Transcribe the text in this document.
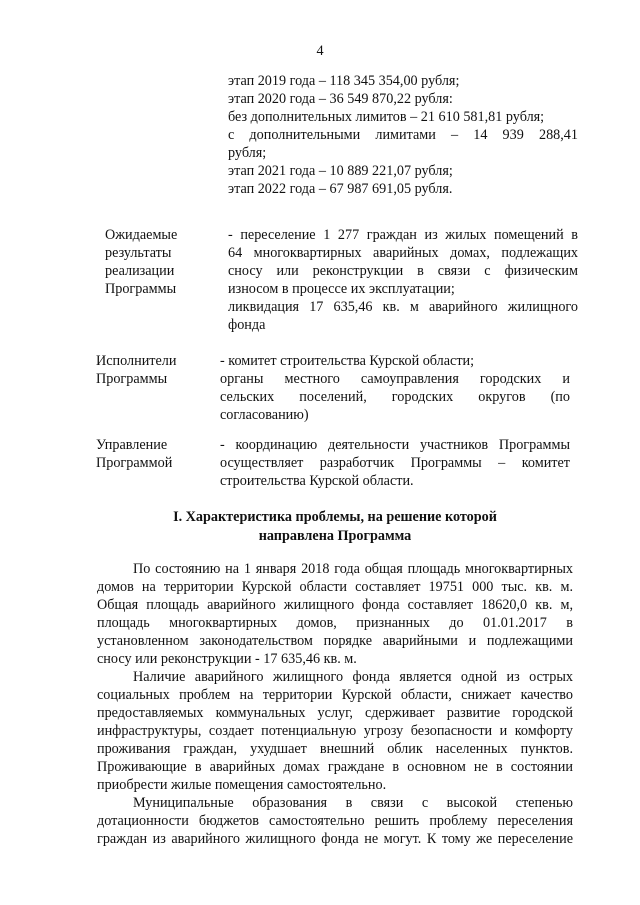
4
этап 2019 года – 118 345 354,00 рубля;
этап 2020 года – 36 549 870,22 рубля:
без дополнительных лимитов – 21 610 581,81 рубля;
с дополнительными лимитами – 14 939 288,41
рубля;
этап 2021 года – 10 889 221,07 рубля;
этап 2022 года – 67 987 691,05 рубля.
Ожидаемые
результаты
реализации
Программы
- переселение 1 277 граждан из жилых помещений в
64 многоквартирных аварийных домах, подлежащих
сносу или реконструкции в связи с физическим
износом в процессе их эксплуатации;
ликвидация 17 635,46 кв. м аварийного жилищного
фонда
Исполнители
Программы
- комитет строительства Курской области;
органы местного самоуправления городских и
сельских поселений, городских округов (по
согласованию)
Управление
Программой
- координацию деятельности участников Программы
осуществляет разработчик Программы – комитет
строительства Курской области.
I. Характеристика проблемы, на решение которой
направлена Программа

По состоянию на 1 января 2018 года общая площадь многоквартирных
домов на территории Курской области составляет 19751 000 тыс. кв. м.
Общая площадь аварийного жилищного фонда составляет 18620,0 кв. м,
площадь многоквартирных домов, признанных до 01.01.2017 в
установленном законодательством порядке аварийными и подлежащими
сносу или реконструкции - 17 635,46 кв. м.

Наличие аварийного жилищного фонда является одной из острых
социальных проблем на территории Курской области, снижает качество
предоставляемых коммунальных услуг, сдерживает развитие городской
инфраструктуры, создает потенциальную угрозу безопасности и комфорту
проживания граждан, ухудшает внешний облик населенных пунктов.
Проживающие в аварийных домах граждане в основном не в состоянии
приобрести жилые помещения самостоятельно.

Муниципальные образования в связи с высокой степенью
дотационности бюджетов самостоятельно решить проблему переселения
граждан из аварийного жилищного фонда не могут. К тому же переселение
